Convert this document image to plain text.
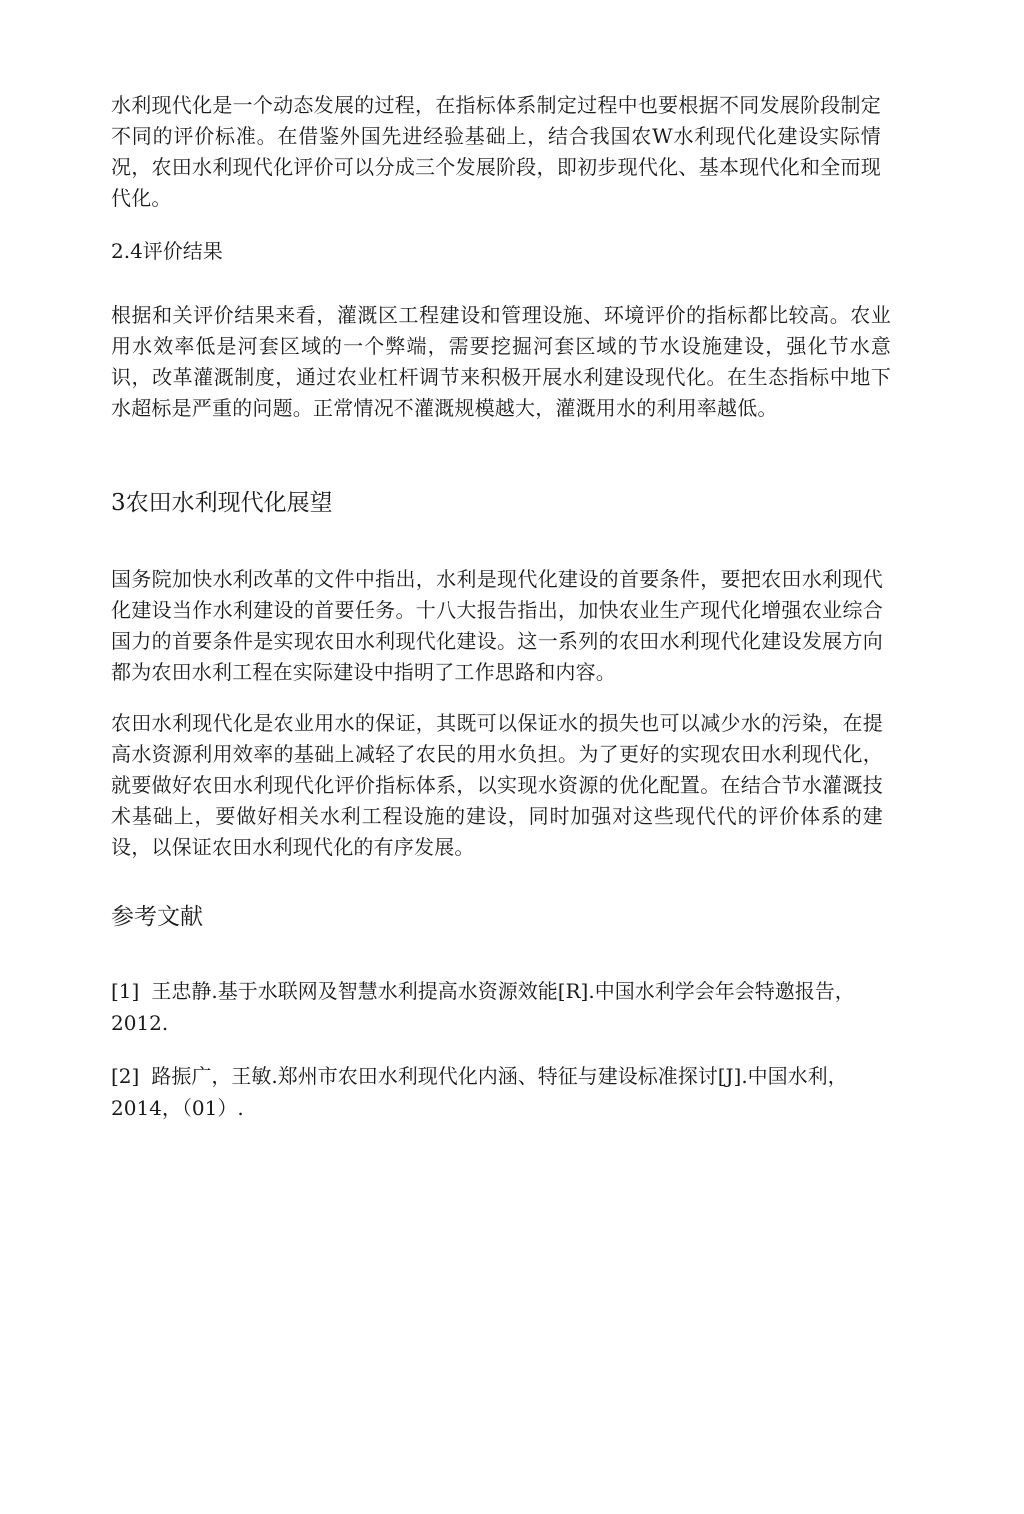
水利现代化是一个动态发展的过程，在指标体系制定过程中也要根据不同发展阶段制定不同的评价标准。在借鉴外国先进经验基础上，结合我国农W水利现代化建设实际情况，农田水利现代化评价可以分成三个发展阶段，即初步现代化、基本现代化和全而现代化。

2.4评价结果

根据和关评价结果来看，灌溉区工程建设和管理设施、环境评价的指标都比较高。农业用水效率低是河套区域的一个弊端，需要挖掘河套区域的节水设施建设，强化节水意识，改革灌溉制度，通过农业杠杆调节来积极开展水利建设现代化。在生态指标中地下水超标是严重的问题。正常情况不灌溉规模越大，灌溉用水的利用率越低。

3农田水利现代化展望

国务院加快水利改革的文件中指出，水利是现代化建设的首要条件，要把农田水利现代化建设当作水利建设的首要任务。十八大报告指出，加快农业生产现代化增强农业综合国力的首要条件是实现农田水利现代化建设。这一系列的农田水利现代化建设发展方向都为农田水利工程在实际建设中指明了工作思路和内容。

农田水利现代化是农业用水的保证，其既可以保证水的损失也可以减少水的污染，在提高水资源利用效率的基础上减轻了农民的用水负担。为了更好的实现农田水利现代化，就要做好农田水利现代化评价指标体系，以实现水资源的优化配置。在结合节水灌溉技术基础上，要做好相关水利工程设施的建设，同时加强对这些现代代的评价体系的建设，以保证农田水利现代化的有序发展。

参考文献

[1] 王忠静.基于水联网及智慧水利提高水资源效能[R].中国水利学会年会特邀报告，2012.

[2] 路振广，王敏.郑州市农田水利现代化内涵、特征与建设标准探讨[J].中国水利，2014，（01）.
